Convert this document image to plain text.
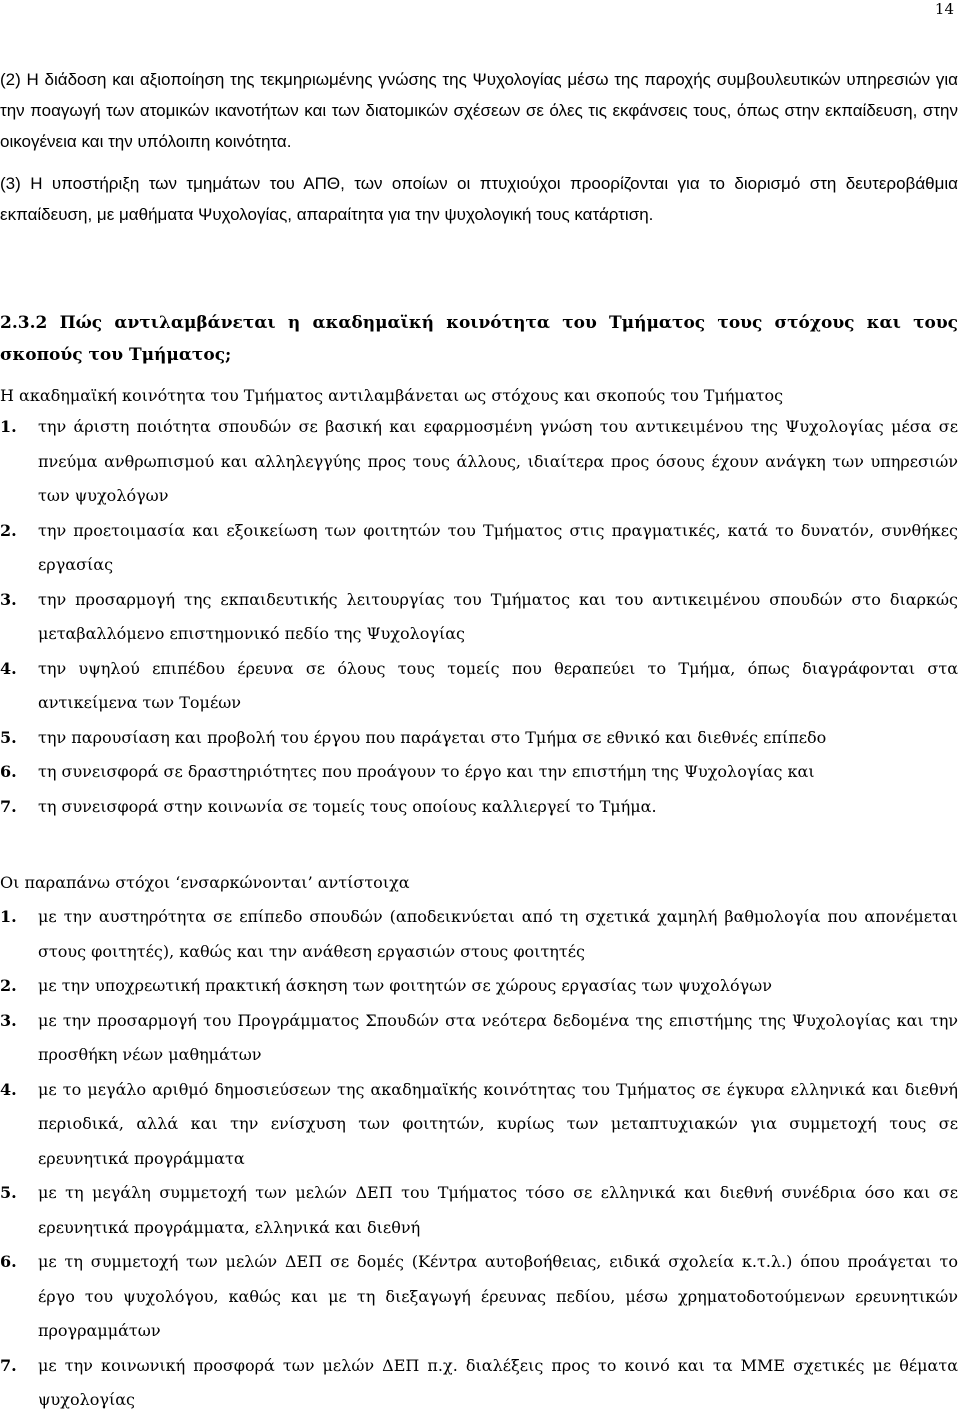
14

(2) Η διάδοση και αξιοποίηση της τεκμηριωμένης γνώσης της Ψυχολογίας μέσω της παροχής συμβουλευτικών υπηρεσιών για την ποαγωγή των ατομικών ικανοτήτων και των διατομικών σχέσεων σε όλες τις εκφάνσεις τους, όπως στην εκπαίδευση, στην οικογένεια και την υπόλοιπη κοινότητα.

(3) Η υποστήριξη των τμημάτων του ΑΠΘ, των οποίων οι πτυχιούχοι προορίζονται για το διορισμό στη δευτεροβάθμια εκπαίδευση, με μαθήματα Ψυχολογίας, απαραίτητα για την ψυχολογική τους κατάρτιση.

2.3.2 Πώς αντιλαμβάνεται η ακαδημαϊκή κοινότητα του Τμήματος τους στόχους και τους σκοπούς του Τμήματος;

Η ακαδημαϊκή κοινότητα του Τμήματος αντιλαμβάνεται ως στόχους και σκοπούς του Τμήματος

1.	την άριστη ποιότητα σπουδών σε βασική και εφαρμοσμένη γνώση του αντικειμένου της Ψυχολογίας μέσα σε πνεύμα ανθρωπισμού και αλληλεγγύης προς τους άλλους, ιδιαίτερα προς όσους έχουν ανάγκη των υπηρεσιών των ψυχολόγων
2.	την προετοιμασία και εξοικείωση των φοιτητών του Τμήματος στις πραγματικές, κατά το δυνατόν, συνθήκες εργασίας
3.	την προσαρμογή της εκπαιδευτικής λειτουργίας του Τμήματος και του αντικειμένου σπουδών στο διαρκώς μεταβαλλόμενο επιστημονικό πεδίο της Ψυχολογίας
4.	την υψηλού επιπέδου έρευνα σε όλους τους τομείς που θεραπεύει το Τμήμα, όπως διαγράφονται στα αντικείμενα των Τομέων
5.	την παρουσίαση και προβολή του έργου που παράγεται στο Τμήμα σε εθνικό και διεθνές επίπεδο
6.	τη συνεισφορά σε δραστηριότητες που προάγουν το έργο και την επιστήμη της Ψυχολογίας και
7.	τη συνεισφορά στην κοινωνία σε τομείς τους οποίους καλλιεργεί το Τμήμα.

Οι παραπάνω στόχοι ‘ενσαρκώνονται’ αντίστοιχα

1.	με την αυστηρότητα σε επίπεδο σπουδών (αποδεικνύεται από τη σχετικά χαμηλή βαθμολογία που απονέμεται στους φοιτητές), καθώς και την ανάθεση εργασιών στους φοιτητές
2.	με την υποχρεωτική πρακτική άσκηση των φοιτητών σε χώρους εργασίας των ψυχολόγων
3.	με την προσαρμογή του Προγράμματος Σπουδών στα νεότερα δεδομένα της επιστήμης της Ψυχολογίας και την προσθήκη νέων μαθημάτων
4.	με το μεγάλο αριθμό δημοσιεύσεων της ακαδημαϊκής κοινότητας του Τμήματος σε έγκυρα ελληνικά και διεθνή περιοδικά, αλλά και την ενίσχυση των φοιτητών, κυρίως των μεταπτυχιακών για συμμετοχή τους σε ερευνητικά προγράμματα
5.	με τη μεγάλη συμμετοχή των μελών ΔΕΠ του Τμήματος τόσο σε ελληνικά και διεθνή συνέδρια όσο και σε ερευνητικά προγράμματα, ελληνικά και διεθνή
6.	με τη συμμετοχή των μελών ΔΕΠ σε δομές (Κέντρα αυτοβοήθειας, ειδικά σχολεία κ.τ.λ.) όπου προάγεται το έργο του ψυχολόγου, καθώς και με τη διεξαγωγή έρευνας πεδίου, μέσω χρηματοδοτούμενων ερευνητικών προγραμμάτων
7.	με την κοινωνική προσφορά των μελών ΔΕΠ π.χ. διαλέξεις προς το κοινό και τα ΜΜΕ σχετικές με θέματα ψυχολογίας
